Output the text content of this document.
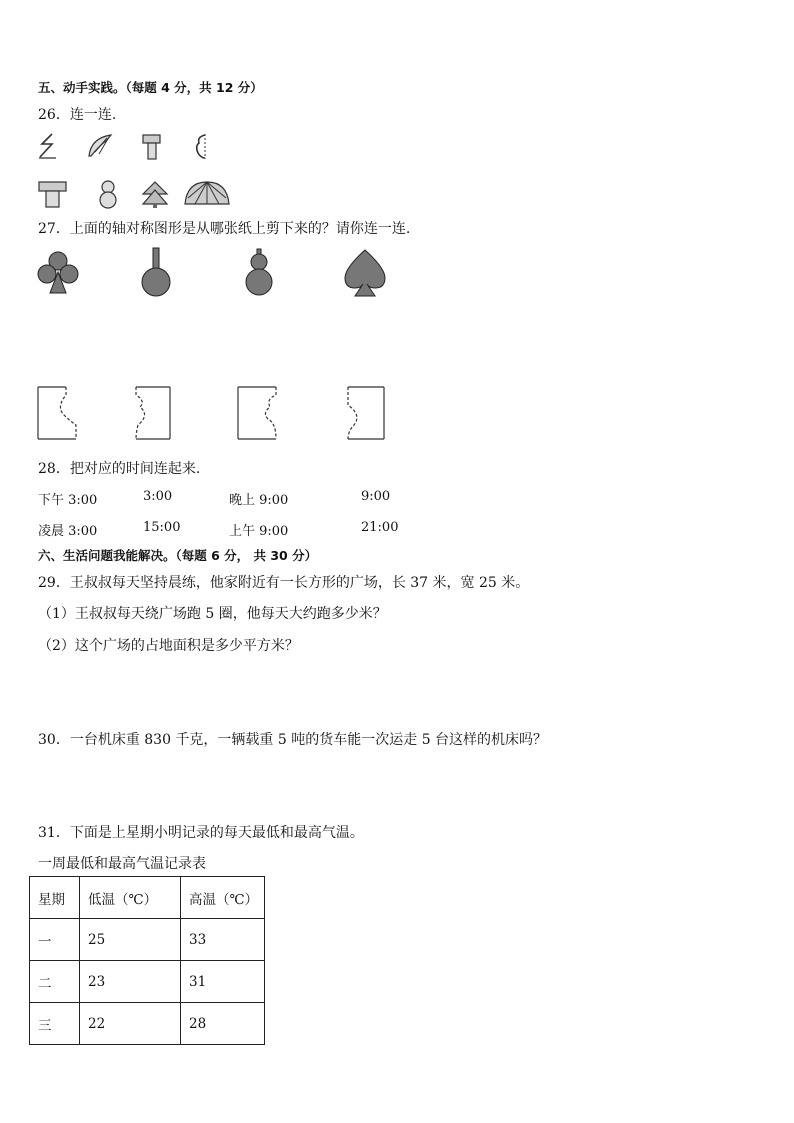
五、动手实践。（每题 4 分，共 12 分）
26．连一连.
27．上面的轴对称图形是从哪张纸上剪下来的？请你连一连.
28．把对应的时间连起来.
下午 3:00	3:00	晚上 9:00	9:00
凌晨 3:00	15:00	上午 9:00	21:00
六、生活问题我能解决。（每题 6 分， 共 30 分）
29．王叔叔每天坚持晨练，他家附近有一长方形的广场，长 37 米，宽 25 米。
（1）王叔叔每天绕广场跑 5 圈，他每天大约跑多少米？
（2）这个广场的占地面积是多少平方米？
30．一台机床重 830 千克，一辆载重 5 吨的货车能一次运走 5 台这样的机床吗？
31．下面是上星期小明记录的每天最低和最高气温。
一周最低和最高气温记录表
星期	低温（℃）	高温（℃）
一	25	33
二	23	31
三	22	28
